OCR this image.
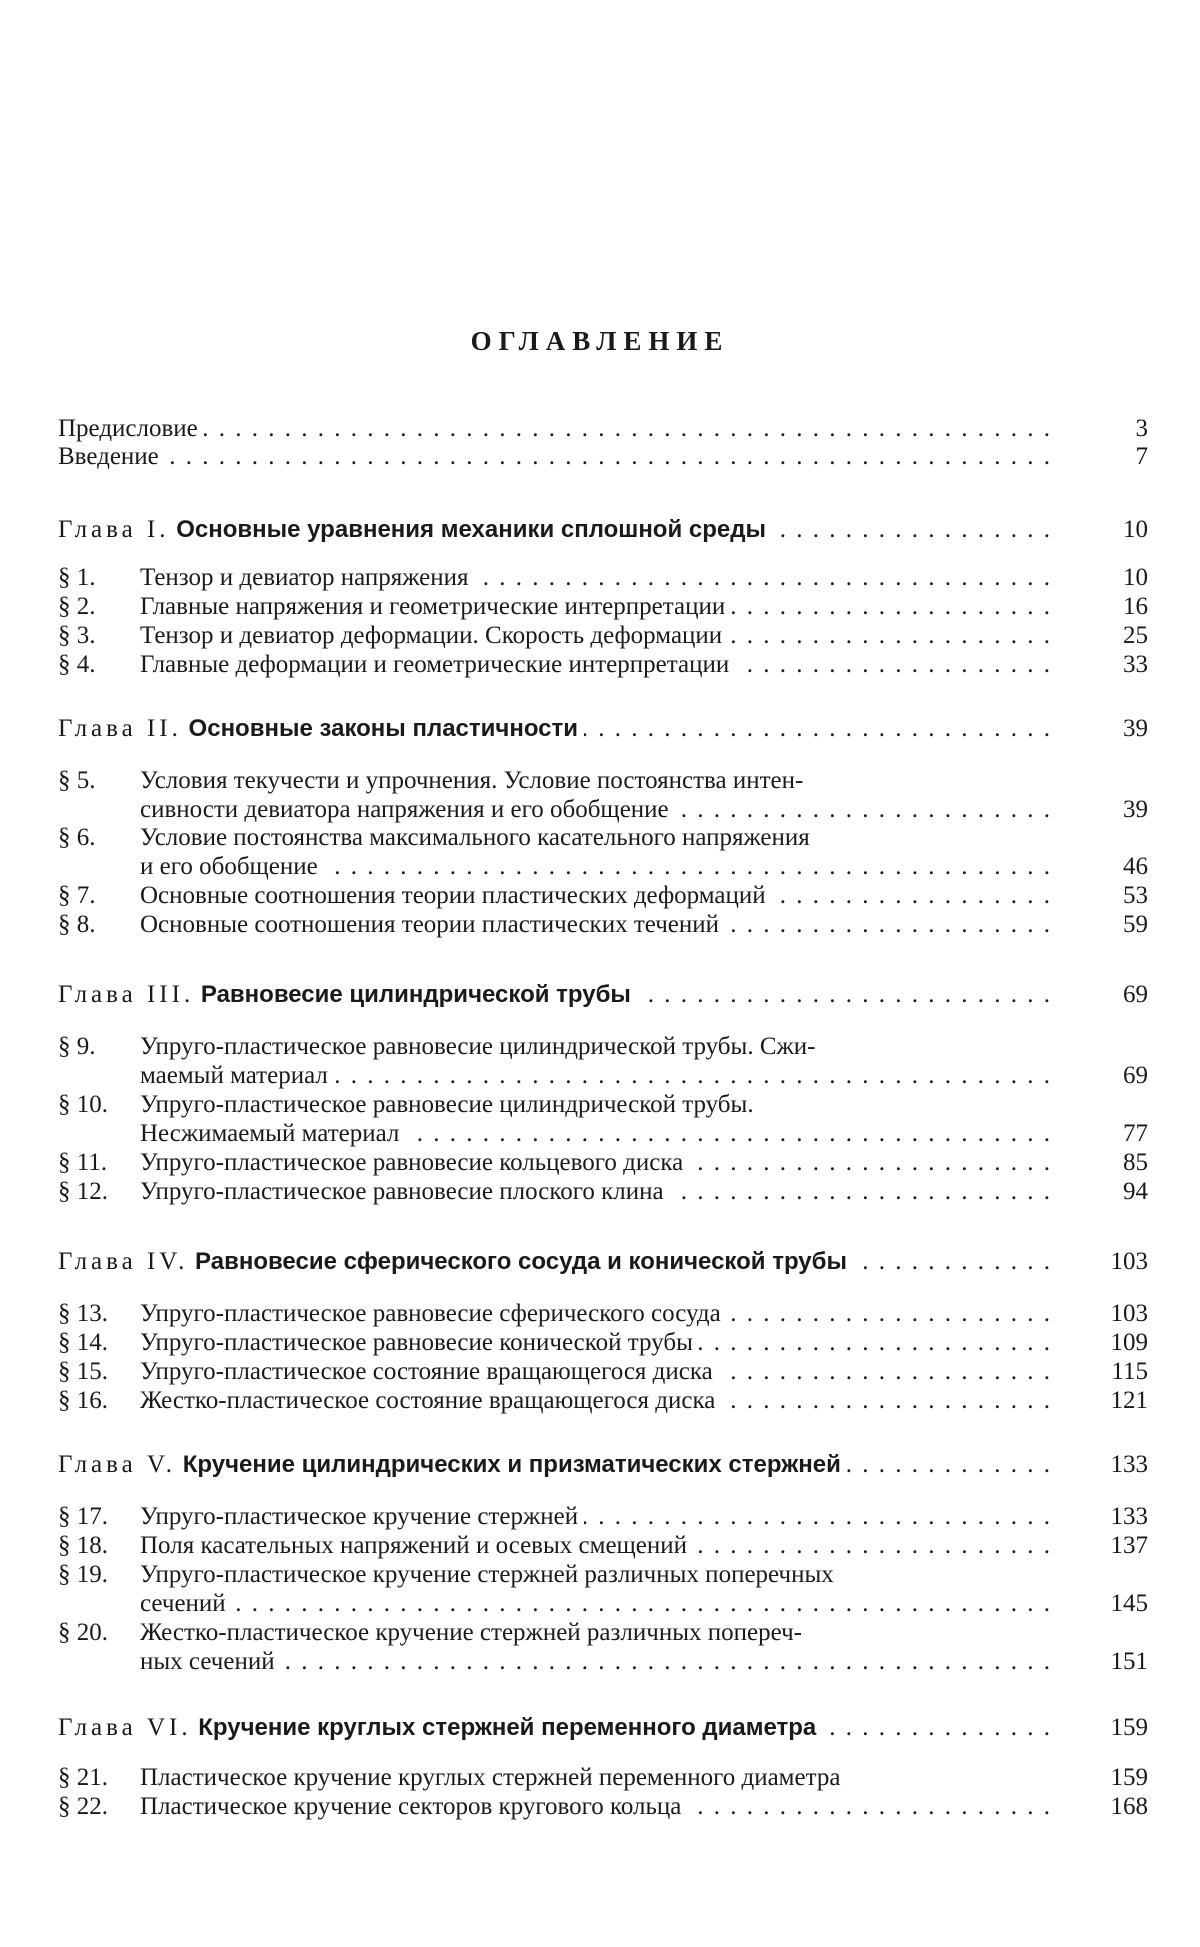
ОГЛАВЛЕНИЕ
Предисловие . . .	3
Введение . . .	7
Глава I. Основные уравнения механики сплошной среды . . .	10
§ 1. Тензор и девиатор напряжения . . .	10
§ 2. Главные напряжения и геометрические интерпретации . . .	16
§ 3. Тензор и девиатор деформации. Скорость деформации . . .	25
§ 4. Главные деформации и геометрические интерпретации . . .	33
Глава II. Основные законы пластичности . . .	39
§ 5. Условия текучести и упрочнения. Условие постоянства интен-
сивности девиатора напряжения и его обобщение . . .	39
§ 6. Условие постоянства максимального касательного напряжения
и его обобщение . . .	46
§ 7. Основные соотношения теории пластических деформаций . . .	53
§ 8. Основные соотношения теории пластических течений . . .	59
Глава III. Равновесие цилиндрической трубы . . .	69
§ 9. Упруго-пластическое равновесие цилиндрической трубы. Сжи-
маемый материал . . .	69
§ 10. Упруго-пластическое равновесие цилиндрической трубы.
Несжимаемый материал . . .	77
§ 11. Упруго-пластическое равновесие кольцевого диска . . .	85
§ 12. Упруго-пластическое равновесие плоского клина . . .	94
Глава IV. Равновесие сферического сосуда и конической трубы . . .	103
§ 13. Упруго-пластическое равновесие сферического сосуда . . .	103
§ 14. Упруго-пластическое равновесие конической трубы . . .	109
§ 15. Упруго-пластическое состояние вращающегося диска . . .	115
§ 16. Жестко-пластическое состояние вращающегося диска . . .	121
Глава V. Кручение цилиндрических и призматических стержней . . .	133
§ 17. Упруго-пластическое кручение стержней . . .	133
§ 18. Поля касательных напряжений и осевых смещений . . .	137
§ 19. Упруго-пластическое кручение стержней различных поперечных
сечений . . .	145
§ 20. Жестко-пластическое кручение стержней различных попереч-
ных сечений . . .	151
Глава VI. Кручение круглых стержней переменного диаметра . . .	159
§ 21. Пластическое кручение круглых стержней переменного диаметра	159
§ 22. Пластическое кручение секторов кругового кольца . . .	168
